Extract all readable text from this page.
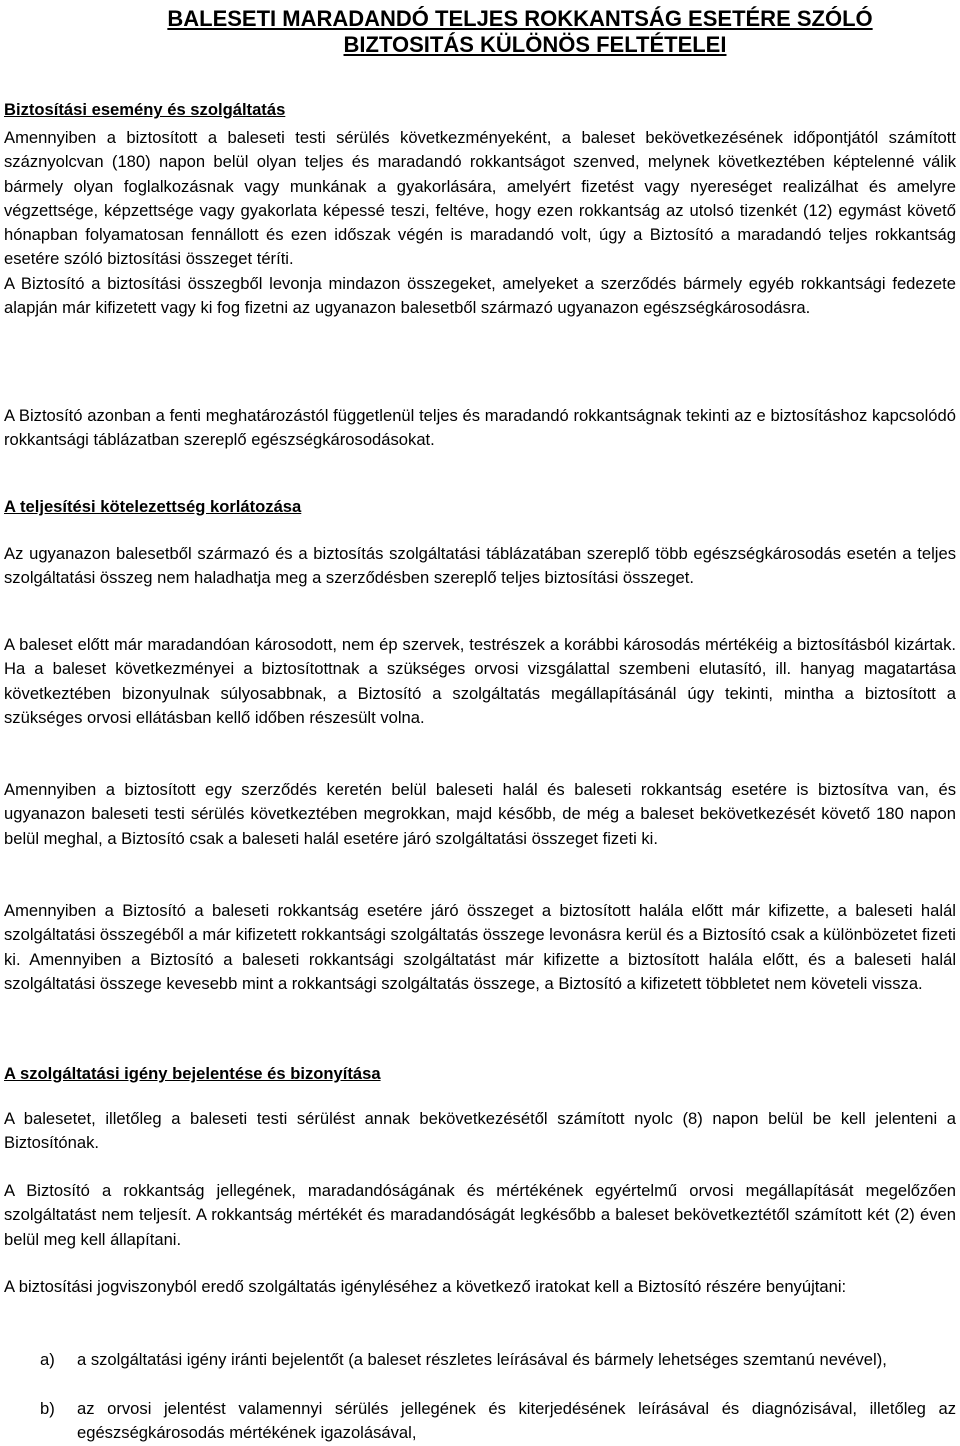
BALESETI MARADANDÓ TELJES ROKKANTSÁG ESETÉRE SZÓLÓ
BIZTOSITÁS KÜLÖNÖS FELTÉTELEI
Biztosítási esemény és szolgáltatás

Amennyiben a biztosított a baleseti testi sérülés következményeként, a baleset bekövetkezésének időpontjától számított száznyolcvan (180) napon belül olyan teljes és maradandó rokkantságot szenved, melynek következtében képtelenné válik bármely olyan foglalkozásnak vagy munkának a gyakorlására, amelyért fizetést vagy nyereséget realizálhat és amelyre végzettsége, képzettsége vagy gyakorlata képessé teszi, feltéve, hogy ezen rokkantság az utolsó tizenkét (12) egymást követő hónapban folyamatosan fennállott és ezen időszak végén is maradandó volt, úgy a Biztosító a maradandó teljes rokkantság esetére szóló biztosítási összeget téríti.

A Biztosító a biztosítási összegből levonja mindazon összegeket, amelyeket a szerződés bármely egyéb rokkantsági fedezete alapján már kifizetett vagy ki fog fizetni az ugyanazon balesetből származó ugyanazon egészségkárosodásra.

A Biztosító azonban a fenti meghatározástól függetlenül teljes és maradandó rokkantságnak tekinti az e biztosításhoz kapcsolódó rokkantsági táblázatban szereplő egészségkárosodásokat.

A teljesítési kötelezettség korlátozása

Az ugyanazon balesetből származó és a biztosítás szolgáltatási táblázatában szereplő több egészségkárosodás esetén a teljes szolgáltatási összeg nem haladhatja meg a szerződésben szereplő teljes biztosítási összeget.

A baleset előtt már maradandóan károsodott, nem ép szervek, testrészek a korábbi károsodás mértékéig a biztosításból kizártak. Ha a baleset következményei a biztosítottnak a szükséges orvosi vizsgálattal szembeni elutasító, ill. hanyag magatartása következtében bizonyulnak súlyosabbnak, a Biztosító a szolgáltatás megállapításánál úgy tekinti, mintha a biztosított a szükséges orvosi ellátásban kellő időben részesült volna.

Amennyiben a biztosított egy szerződés keretén belül baleseti halál és baleseti rokkantság esetére is biztosítva van, és ugyanazon baleseti testi sérülés következtében megrokkan, majd később, de még a baleset bekövetkezését követő 180 napon belül meghal, a Biztosító csak a baleseti halál esetére járó szolgáltatási összeget fizeti ki.

Amennyiben a Biztosító a baleseti rokkantság esetére járó összeget a biztosított halála előtt már kifizette, a baleseti halál szolgáltatási összegéből a már kifizetett rokkantsági szolgáltatás összege levonásra kerül és a Biztosító csak a különbözetet fizeti ki. Amennyiben a Biztosító a baleseti rokkantsági szolgáltatást már kifizette a biztosított halála előtt, és a baleseti halál szolgáltatási összege kevesebb mint a rokkantsági szolgáltatás összege, a Biztosító a kifizetett többletet nem követeli vissza.

A szolgáltatási igény bejelentése és bizonyítása

A balesetet, illetőleg a baleseti testi sérülést annak bekövetkezésétől számított nyolc (8) napon belül be kell jelenteni a Biztosítónak.

A Biztosító a rokkantság jellegének, maradandóságának és mértékének egyértelmű orvosi megállapítását megelőzően szolgáltatást nem teljesít. A rokkantság mértékét és maradandóságát legkésőbb a baleset bekövetkeztétől számított két (2) éven belül meg kell állapítani.

A biztosítási jogviszonyból eredő szolgáltatás igényléséhez a következő iratokat kell a Biztosító részére benyújtani:

a) a szolgáltatási igény iránti bejelentőt (a baleset részletes leírásával és bármely lehetséges szemtanú nevével),

b) az orvosi jelentést valamennyi sérülés jellegének és kiterjedésének leírásával és diagnózisával, illetőleg az egészségkárosodás mértékének igazolásával,
